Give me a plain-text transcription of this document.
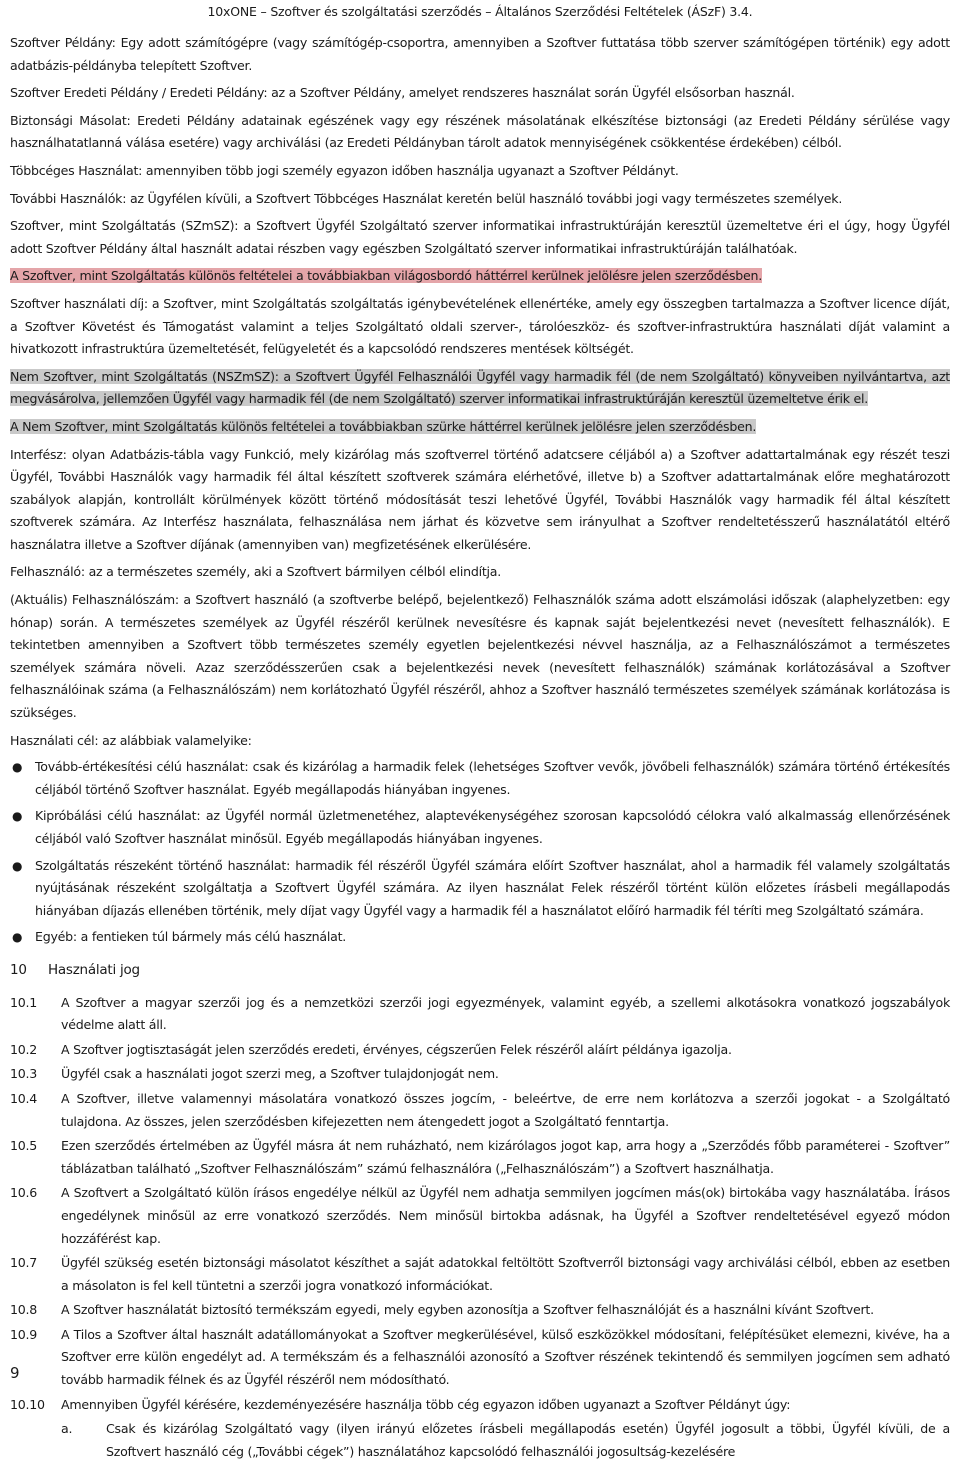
10xONE – Szoftver és szolgáltatási szerződés – Általános Szerződési Feltételek (ÁSzF) 3.4.

Szoftver Példány: Egy adott számítógépre (vagy számítógép-csoportra, amennyiben a Szoftver futtatása több szerver számítógépen történik) egy adott adatbázis-példányba telepített Szoftver.

Szoftver Eredeti Példány / Eredeti Példány: az a Szoftver Példány, amelyet rendszeres használat során Ügyfél elsősorban használ.

Biztonsági Másolat: Eredeti Példány adatainak egészének vagy egy részének másolatának elkészítése biztonsági (az Eredeti Példány sérülése vagy használhatatlanná válása esetére) vagy archiválási (az Eredeti Példányban tárolt adatok mennyiségének csökkentése érdekében) célból.

Többcéges Használat: amennyiben több jogi személy egyazon időben használja ugyanazt a Szoftver Példányt.

További Használók: az Ügyfélen kívüli, a Szoftvert Többcéges Használat keretén belül használó további jogi vagy természetes személyek.

Szoftver, mint Szolgáltatás (SZmSZ): a Szoftvert Ügyfél Szolgáltató szerver informatikai infrastruktúráján keresztül üzemeltetve éri el úgy, hogy Ügyfél adott Szoftver Példány által használt adatai részben vagy egészben Szolgáltató szerver informatikai infrastruktúráján találhatóak.

A Szoftver, mint Szolgáltatás különös feltételei a továbbiakban világosbordó háttérrel kerülnek jelölésre jelen szerződésben.

Szoftver használati díj: a Szoftver, mint Szolgáltatás szolgáltatás igénybevételének ellenértéke, amely egy összegben tartalmazza a Szoftver licence díját, a Szoftver Követést és Támogatást valamint a teljes Szolgáltató oldali szerver-, tárolóeszköz- és szoftver-infrastruktúra használati díját valamint a hivatkozott infrastruktúra üzemeltetését, felügyeletét és a kapcsolódó rendszeres mentések költségét.

Nem Szoftver, mint Szolgáltatás (NSZmSZ): a Szoftvert Ügyfél Felhasználói Ügyfél vagy harmadik fél (de nem Szolgáltató) könyveiben nyilvántartva, azt megvásárolva, jellemzően Ügyfél vagy harmadik fél (de nem Szolgáltató) szerver informatikai infrastruktúráján keresztül üzemeltetve érik el.

A Nem Szoftver, mint Szolgáltatás különös feltételei a továbbiakban szürke háttérrel kerülnek jelölésre jelen szerződésben.

Interfész: olyan Adatbázis-tábla vagy Funkció, mely kizárólag más szoftverrel történő adatcsere céljából a) a Szoftver adattartalmának egy részét teszi Ügyfél, További Használók vagy harmadik fél által készített szoftverek számára elérhetővé, illetve b) a Szoftver adattartalmának előre meghatározott szabályok alapján, kontrollált körülmények között történő módosítását teszi lehetővé Ügyfél, További Használók vagy harmadik fél által készített szoftverek számára. Az Interfész használata, felhasználása nem járhat és közvetve sem irányulhat a Szoftver rendeltetésszerű használatától eltérő használatra illetve a Szoftver díjának (amennyiben van) megfizetésének elkerülésére.

Felhasználó: az a természetes személy, aki a Szoftvert bármilyen célból elindítja.

(Aktuális) Felhasználószám: a Szoftvert használó (a szoftverbe belépő, bejelentkező) Felhasználók száma adott elszámolási időszak (alaphelyzetben: egy hónap) során. A természetes személyek az Ügyfél részéről kerülnek nevesítésre és kapnak saját bejelentkezési nevet (nevesített felhasználók). E tekintetben amennyiben a Szoftvert több természetes személy egyetlen bejelentkezési névvel használja, az a Felhasználószámot a természetes személyek számára növeli. Azaz szerződésszerűen csak a bejelentkezési nevek (nevesített felhasználók) számának korlátozásával a Szoftver felhasználóinak száma (a Felhasználószám) nem korlátozható Ügyfél részéről, ahhoz a Szoftver használó természetes személyek számának korlátozása is szükséges.

Használati cél: az alábbiak valamelyike:

● Tovább-értékesítési célú használat: csak és kizárólag a harmadik felek (lehetséges Szoftver vevők, jövőbeli felhasználók) számára történő értékesítés céljából történő Szoftver használat. Egyéb megállapodás hiányában ingyenes.
● Kipróbálási célú használat: az Ügyfél normál üzletmenetéhez, alaptevékenységéhez szorosan kapcsolódó célokra való alkalmasság ellenőrzésének céljából való Szoftver használat minősül. Egyéb megállapodás hiányában ingyenes.
● Szolgáltatás részeként történő használat: harmadik fél részéről Ügyfél számára előírt Szoftver használat, ahol a harmadik fél valamely szolgáltatás nyújtásának részeként szolgáltatja a Szoftvert Ügyfél számára. Az ilyen használat Felek részéről történt külön előzetes írásbeli megállapodás hiányában díjazás ellenében történik, mely díjat vagy Ügyfél vagy a harmadik fél a használatot előíró harmadik fél téríti meg Szolgáltató számára.
● Egyéb: a fentieken túl bármely más célú használat.
10	Használati jog
10.1	A Szoftver a magyar szerzői jog és a nemzetközi szerzői jogi egyezmények, valamint egyéb, a szellemi alkotásokra vonatkozó jogszabályok védelme alatt áll.
10.2	A Szoftver jogtisztaságát jelen szerződés eredeti, érvényes, cégszerűen Felek részéről aláírt példánya igazolja.
10.3	Ügyfél csak a használati jogot szerzi meg, a Szoftver tulajdonjogát nem.
10.4	A Szoftver, illetve valamennyi másolatára vonatkozó összes jogcím, - beleértve, de erre nem korlátozva a szerzői jogokat - a Szolgáltató tulajdona. Az összes, jelen szerződésben kifejezetten nem átengedett jogot a Szolgáltató fenntartja.
10.5	Ezen szerződés értelmében az Ügyfél másra át nem ruházható, nem kizárólagos jogot kap, arra hogy a „Szerződés főbb paraméterei - Szoftver” táblázatban található „Szoftver Felhasználószám” számú felhasználóra („Felhasználószám”) a Szoftvert használhatja.
10.6	A Szoftvert a Szolgáltató külön írásos engedélye nélkül az Ügyfél nem adhatja semmilyen jogcímen más(ok) birtokába vagy használatába. Írásos engedélynek minősül az erre vonatkozó szerződés. Nem minősül birtokba adásnak, ha Ügyfél a Szoftver rendeltetésével egyező módon hozzáférést kap.
10.7	Ügyfél szükség esetén biztonsági másolatot készíthet a saját adatokkal feltöltött Szoftverről biztonsági vagy archiválási célból, ebben az esetben a másolaton is fel kell tüntetni a szerzői jogra vonatkozó információkat.
10.8	A Szoftver használatát biztosító termékszám egyedi, mely egyben azonosítja a Szoftver felhasználóját és a használni kívánt Szoftvert.
10.9	A Tilos a Szoftver által használt adatállományokat a Szoftver megkerülésével, külső eszközökkel módosítani, felépítésüket elemezni, kivéve, ha a Szoftver erre külön engedélyt ad. A termékszám és a felhasználói azonosító a Szoftver részének tekintendő és semmilyen jogcímen sem adható tovább harmadik félnek és az Ügyfél részéről nem módosítható.
10.10	Amennyiben Ügyfél kérésére, kezdeményezésére használja több cég egyazon időben ugyanazt a Szoftver Példányt úgy:
a.	Csak és kizárólag Szolgáltató vagy (ilyen irányú előzetes írásbeli megállapodás esetén) Ügyfél jogosult a többi, Ügyfél kívüli, de a Szoftvert használó cég („További cégek”) használatához kapcsolódó felhasználói jogosultság-kezelésére
9
